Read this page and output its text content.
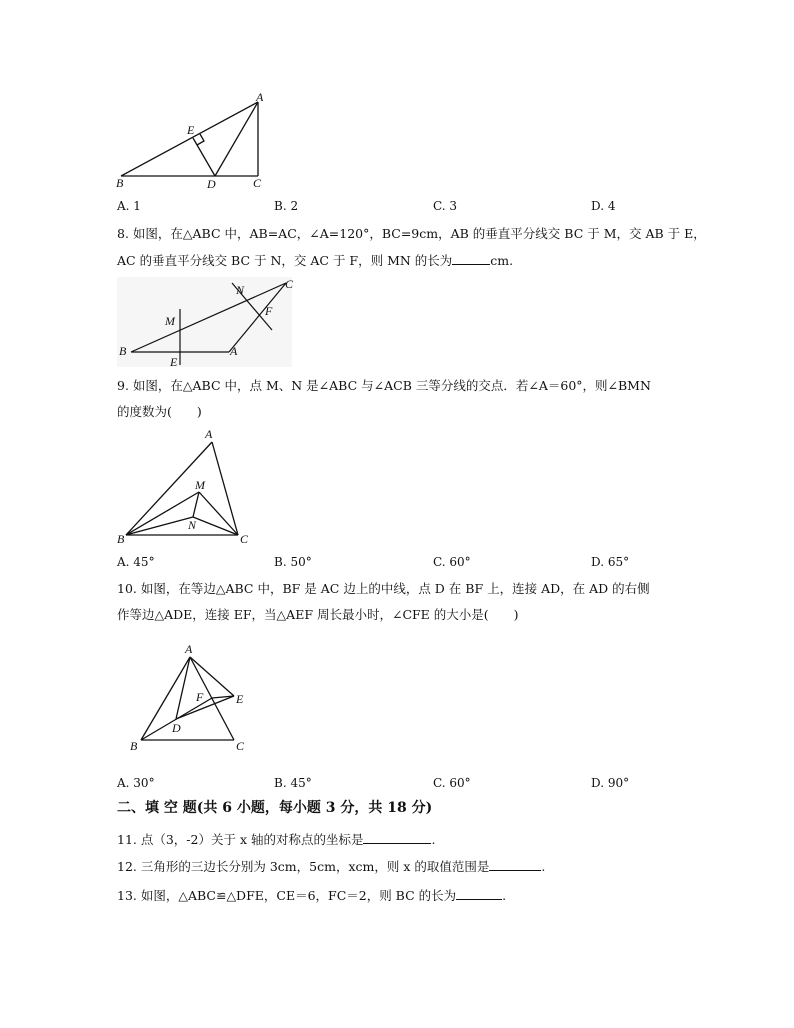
A
E
B	D	C
A. 1	B. 2	C. 3	D. 4
8. 如图，在△ABC 中，AB=AC，∠A=120°，BC=9cm，AB 的垂直平分线交 BC 于 M，交 AB 于 E，
AC 的垂直平分线交 BC 于 N，交 AC 于 F，则 MN 的长为	cm.
C
N
F
M
B
E
A
9. 如图，在△ABC 中，点 M、N 是∠ABC 与∠ACB 三等分线的交点．若∠A＝60°，则∠BMN
的度数为(　　)
A
M
N
B	C
A. 45°	B. 50°	C. 60°	D. 65°
10. 如图，在等边△ABC 中，BF 是 AC 边上的中线，点 D 在 BF 上，连接 AD，在 AD 的右侧
作等边△ADE，连接 EF，当△AEF 周长最小时，∠CFE 的大小是(　　)
A
F	E
D
B	C
A. 30°	B. 45°	C. 60°	D. 90°
二、填 空 题(共 6 小题，每小题 3 分，共 18 分)
11. 点（3，-2）关于 x 轴的对称点的坐标是	.
12. 三角形的三边长分别为 3cm，5cm，xcm，则 x 的取值范围是	.
13. 如图，△ABC≌△DFE，CE＝6，FC＝2，则 BC 的长为	.
